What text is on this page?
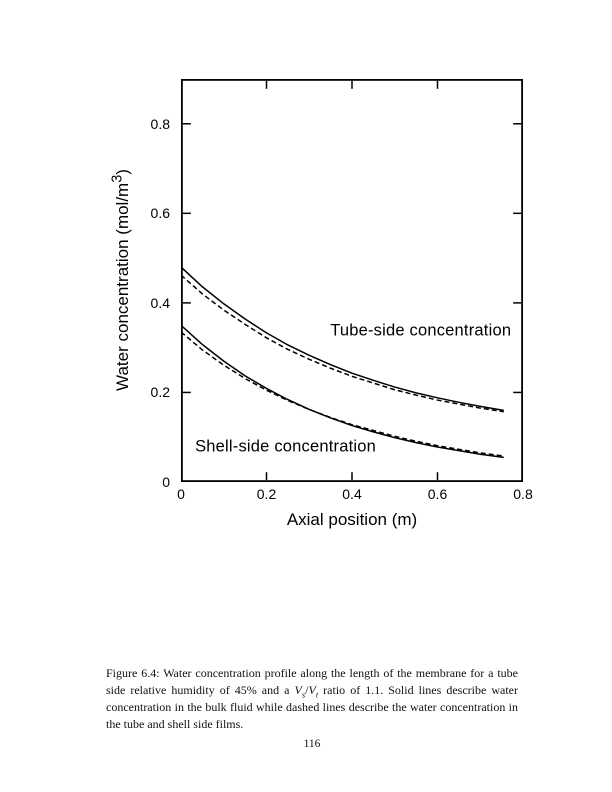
Axial position (m)
Water concentration $(mol/m^3)$

Figure 6.4: Water concentration profile along the length of the membrane for a tube side relative humidity of 45% and a $V_s/V_t$ ratio of 1.1. Solid lines describe water concentration in the bulk fluid while dashed lines describe the water concentration in the tube and shell side films.

116
0	0.2	0.4	0.6	0.8
0
0.2
0.4
0.6
0.8
Tube-side concentration
Shell-side concentration
